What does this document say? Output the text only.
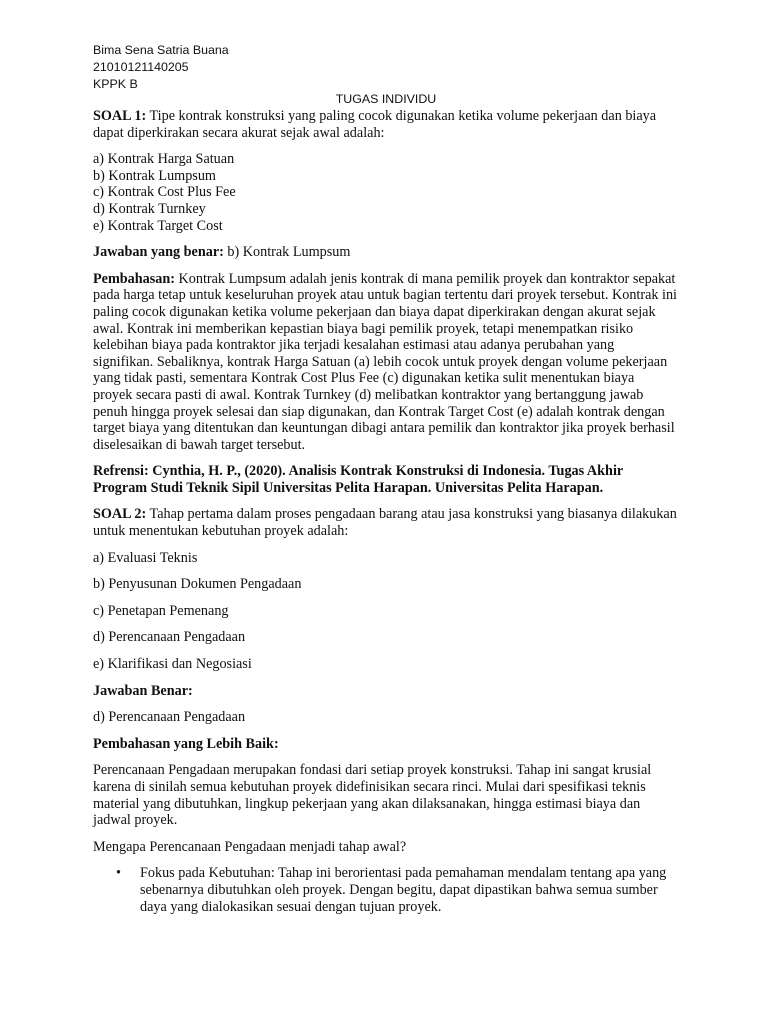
Bima Sena Satria Buana
21010121140205
KPPK B
TUGAS INDIVIDU

SOAL 1: Tipe kontrak konstruksi yang paling cocok digunakan ketika volume pekerjaan dan biaya dapat diperkirakan secara akurat sejak awal adalah:

a) Kontrak Harga Satuan
b) Kontrak Lumpsum
c) Kontrak Cost Plus Fee
d) Kontrak Turnkey
e) Kontrak Target Cost

Jawaban yang benar: b) Kontrak Lumpsum

Pembahasan: Kontrak Lumpsum adalah jenis kontrak di mana pemilik proyek dan kontraktor sepakat pada harga tetap untuk keseluruhan proyek atau untuk bagian tertentu dari proyek tersebut. Kontrak ini paling cocok digunakan ketika volume pekerjaan dan biaya dapat diperkirakan dengan akurat sejak awal. Kontrak ini memberikan kepastian biaya bagi pemilik proyek, tetapi menempatkan risiko kelebihan biaya pada kontraktor jika terjadi kesalahan estimasi atau adanya perubahan yang signifikan. Sebaliknya, kontrak Harga Satuan (a) lebih cocok untuk proyek dengan volume pekerjaan yang tidak pasti, sementara Kontrak Cost Plus Fee (c) digunakan ketika sulit menentukan biaya proyek secara pasti di awal. Kontrak Turnkey (d) melibatkan kontraktor yang bertanggung jawab penuh hingga proyek selesai dan siap digunakan, dan Kontrak Target Cost (e) adalah kontrak dengan target biaya yang ditentukan dan keuntungan dibagi antara pemilik dan kontraktor jika proyek berhasil diselesaikan di bawah target tersebut.

Refrensi: Cynthia, H. P., (2020). Analisis Kontrak Konstruksi di Indonesia. Tugas Akhir Program Studi Teknik Sipil Universitas Pelita Harapan. Universitas Pelita Harapan.

SOAL 2: Tahap pertama dalam proses pengadaan barang atau jasa konstruksi yang biasanya dilakukan untuk menentukan kebutuhan proyek adalah:

a) Evaluasi Teknis
b) Penyusunan Dokumen Pengadaan
c) Penetapan Pemenang
d) Perencanaan Pengadaan
e) Klarifikasi dan Negosiasi

Jawaban Benar:

d) Perencanaan Pengadaan

Pembahasan yang Lebih Baik:

Perencanaan Pengadaan merupakan fondasi dari setiap proyek konstruksi. Tahap ini sangat krusial karena di sinilah semua kebutuhan proyek didefinisikan secara rinci. Mulai dari spesifikasi teknis material yang dibutuhkan, lingkup pekerjaan yang akan dilaksanakan, hingga estimasi biaya dan jadwal proyek.

Mengapa Perencanaan Pengadaan menjadi tahap awal?

• Fokus pada Kebutuhan: Tahap ini berorientasi pada pemahaman mendalam tentang apa yang sebenarnya dibutuhkan oleh proyek. Dengan begitu, dapat dipastikan bahwa semua sumber daya yang dialokasikan sesuai dengan tujuan proyek.
